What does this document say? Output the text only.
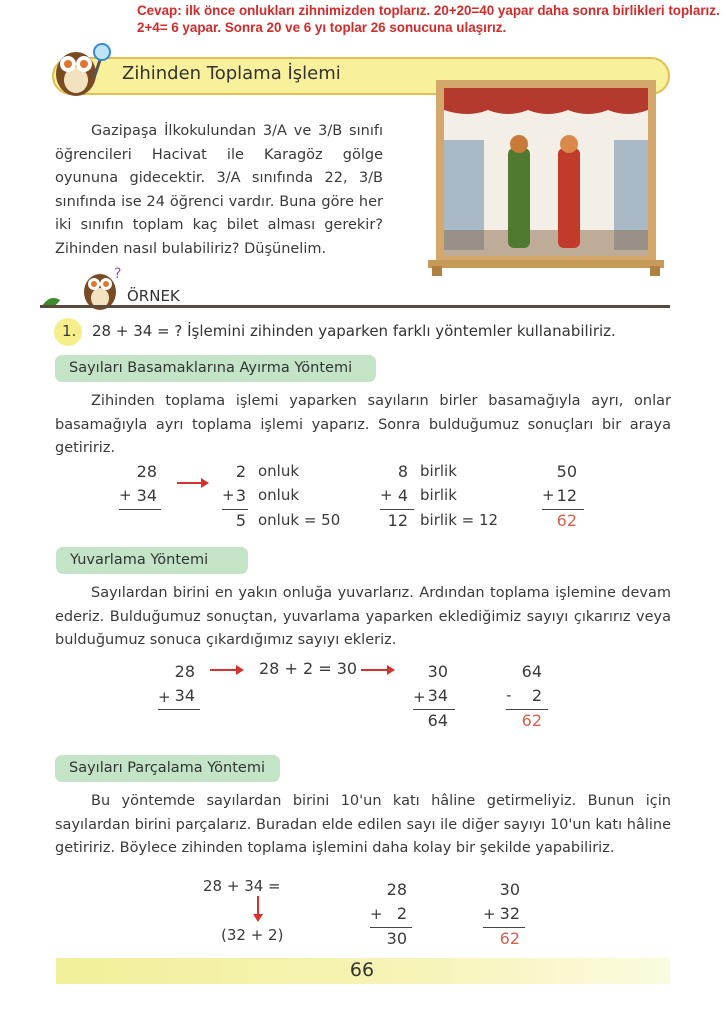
Cevap: ilk önce onlukları zihnimizden toplarız. 20+20=40 yapar daha sonra birlikleri toplarız. 2+4= 6 yapar. Sonra 20 ve 6 yı toplar 26 sonucuna ulaşırız.
Zihinden Toplama İşlemi
Gazipaşa İlkokulundan 3/A ve 3/B sınıfı öğrencileri Hacivat ile Karagöz gölge oyununa gidecektir. 3/A sınıfında 22, 3/B sınıfında ise 24 öğrenci vardır. Buna göre her iki sınıfın toplam kaç bilet alması gerekir? Zihinden nasıl bulabiliriz? Düşünelim.
?
ÖRNEK
1. 28 + 34 = ? İşlemini zihinden yaparken farklı yöntemler kullanabiliriz.
Sayıları Basamaklarına Ayırma Yöntemi
Zihinden toplama işlemi yaparken sayıların birler basamağıyla ayrı, onlar basamağıyla ayrı toplama işlemi yaparız. Sonra bulduğumuz sonuçları bir araya getiririz.
28
+ 34
2 onluk
+ 3 onluk
5 onluk = 50
8 birlik
+ 4 birlik
12 birlik = 12
50
+ 12
62
Yuvarlama Yöntemi
Sayılardan birini en yakın onluğa yuvarlarız. Ardından toplama işlemine devam ederiz. Bulduğumuz sonuçtan, yuvarlama yaparken eklediğimiz sayıyı çıkarırız veya bulduğumuz sonuca çıkardığımız sayıyı ekleriz.
28
+ 34
28 + 2 = 30	30
+ 34
64
64
-	2
62
Sayıları Parçalama Yöntemi
Bu yöntemde sayılardan birini 10'un katı hâline getirmeliyiz. Bunun için sayılardan birini parçalarız. Buradan elde edilen sayı ile diğer sayıyı 10'un katı hâline getiririz. Böylece zihinden toplama işlemini daha kolay bir şekilde yapabiliriz.
28 + 34 =
(32 + 2)
28
+ 2
30
30
+ 32
62
66
